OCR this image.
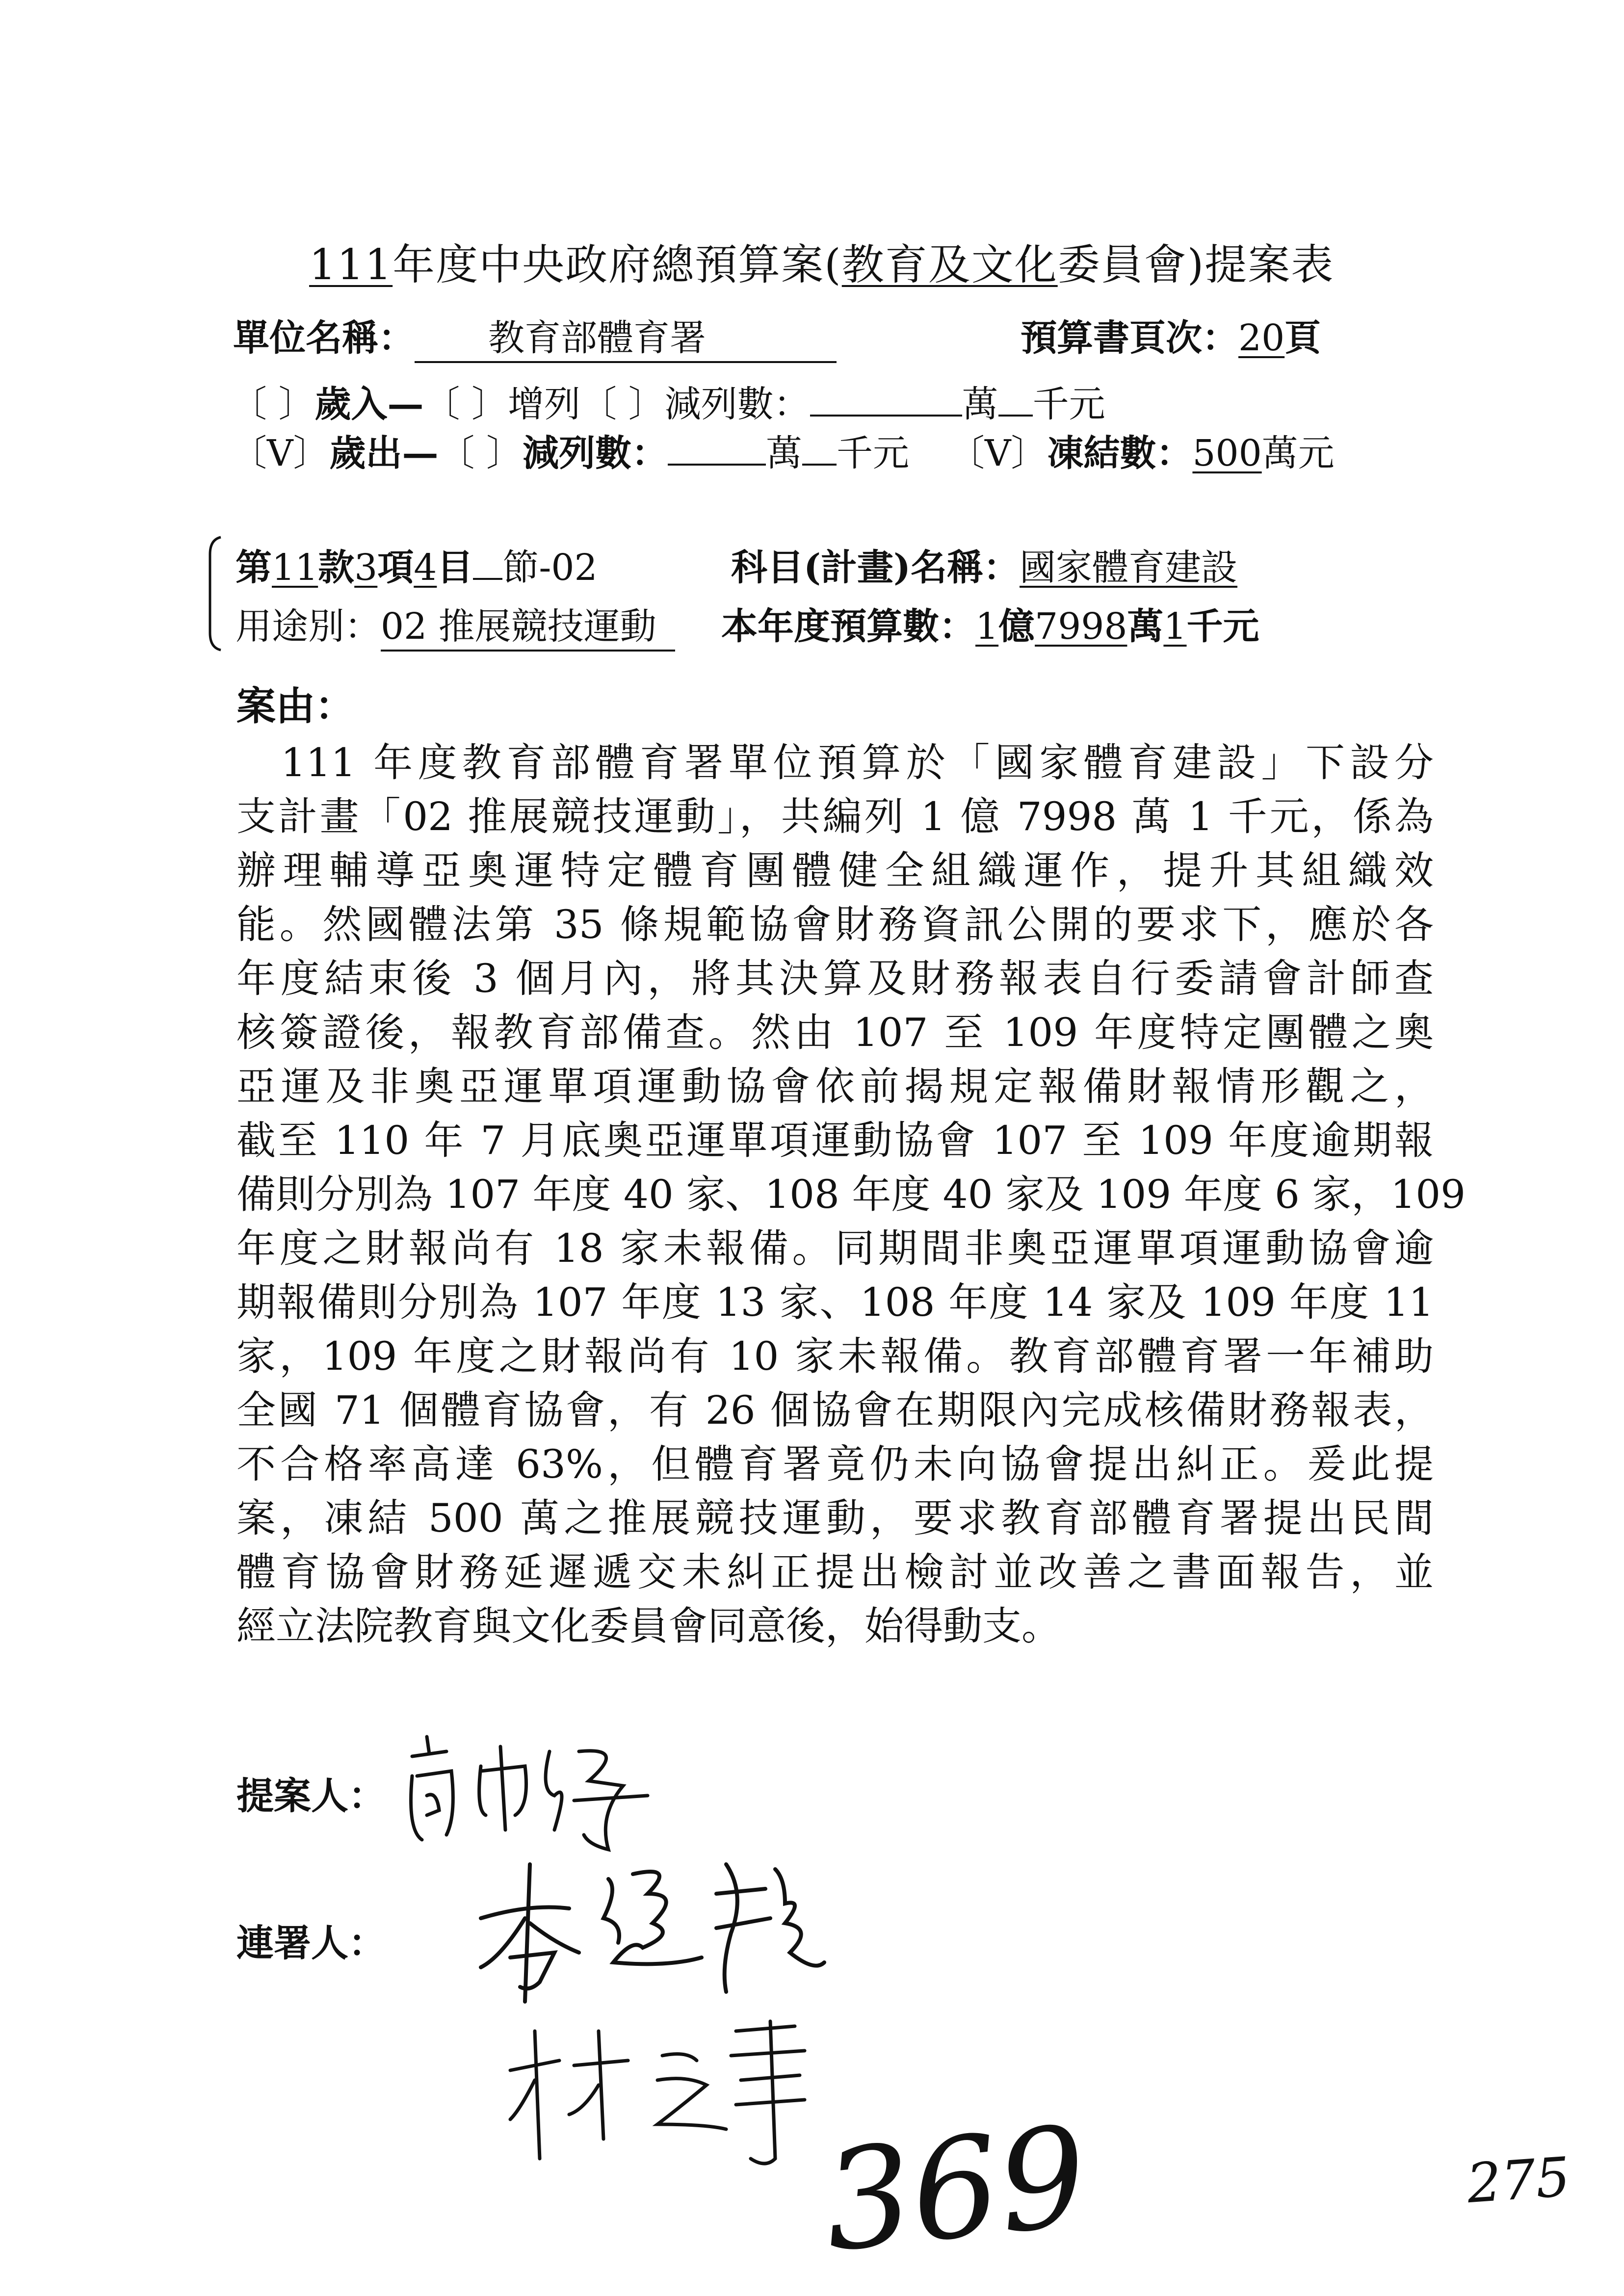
111年度中央政府總預算案(教育及文化委員會)提案表
單位名稱： 教育部體育署	預算書頁次：20頁
〔 〕歲入—〔 〕增列〔 〕減列數：	萬 千元
〔V〕歲出—〔 〕減列數：	萬 千元 〔V〕凍結數：500萬元
第11款3項4目 節-02	科目(計畫)名稱：國家體育建設
用途別：02 推展競技運動	本年度預算數：1億7998萬1千元
案由：
　111 年度教育部體育署單位預算於「國家體育建設」下設分
支計畫「02 推展競技運動」，共編列 1 億 7998 萬 1 千元，係為
辦理輔導亞奧運特定體育團體健全組織運作，提升其組織效
能。然國體法第 35 條規範協會財務資訊公開的要求下，應於各
年度結束後 3 個月內，將其決算及財務報表自行委請會計師查
核簽證後，報教育部備查。然由 107 至 109 年度特定團體之奧
亞運及非奧亞運單項運動協會依前揭規定報備財報情形觀之，
截至 110 年 7 月底奧亞運單項運動協會 107 至 109 年度逾期報
備則分別為 107 年度 40 家、108 年度 40 家及 109 年度 6 家，109
年度之財報尚有 18 家未報備。同期間非奧亞運單項運動協會逾
期報備則分別為 107 年度 13 家、108 年度 14 家及 109 年度 11
家，109 年度之財報尚有 10 家未報備。教育部體育署一年補助
全國 71 個體育協會，有 26 個協會在期限內完成核備財務報表，
不合格率高達 63%，但體育署竟仍未向協會提出糾正。爰此提
案，凍結 500 萬之推展競技運動，要求教育部體育署提出民間
體育協會財務延遲遞交未糾正提出檢討並改善之書面報告，並
經立法院教育與文化委員會同意後，始得動支。
提案人：
連署人：
369	275
